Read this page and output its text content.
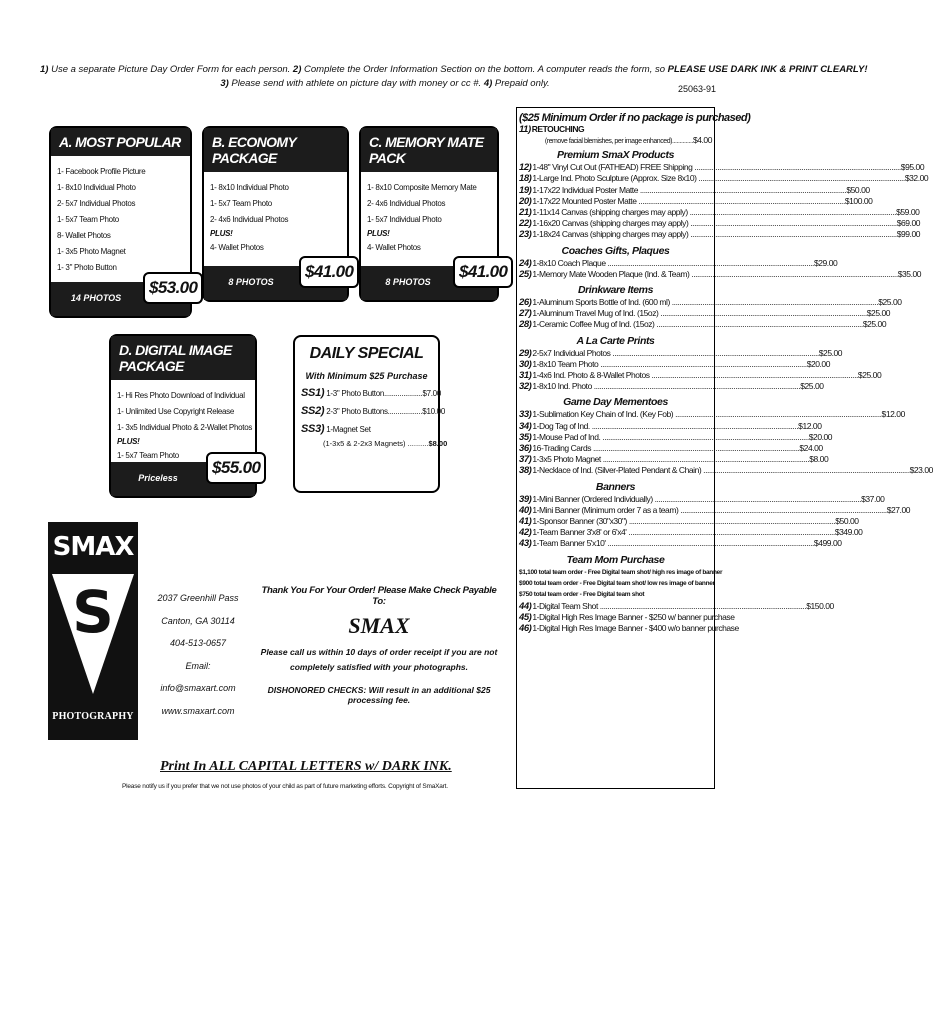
1) Use a separate Picture Day Order Form for each person. 2) Complete the Order Information Section on the bottom. A computer reads the form, so PLEASE USE DARK INK & PRINT CLEARLY!
3) Please send with athlete on picture day with money or cc #. 4) Prepaid only.	25063-91
A. MOST POPULAR
1- Facebook Profile Picture
1- 8x10 Individual Photo
2- 5x7 Individual Photos
1- 5x7 Team Photo
8- Wallet Photos
1- 3x5 Photo Magnet
1- 3" Photo Button
14 PHOTOS
$53.00
B. ECONOMY PACKAGE
1- 8x10 Individual Photo
1- 5x7 Team Photo
2- 4x6 Individual Photos
PLUS!
4- Wallet Photos
8 PHOTOS
$41.00
C. MEMORY MATE PACK
1- 8x10 Composite Memory Mate
2- 4x6 Individual Photos
1- 5x7 Individual Photo
PLUS!
4- Wallet Photos
8 PHOTOS
$41.00
D. DIGITAL IMAGE PACKAGE
1- Hi Res Photo Download of Individual
1- Unlimited Use Copyright Release
1- 3x5 Individual Photo & 2-Wallet Photos
PLUS!
1- 5x7 Team Photo
Priceless
$55.00
DAILY SPECIAL
With Minimum $25 Purchase
SS1) 1-3" Photo Button....................$7.00
SS2) 2-3" Photo Buttons..................$10.00
SS3) 1-Magnet Set
(1-3x5 & 2-2x3 Magnets) ..........$8.00
SMAX
S
PHOTOGRAPHY
2037 Greenhill Pass
Canton, GA 30114
404-513-0657
Email: info@smaxart.com
www.smaxart.com
Thank You For Your Order! Please Make Check Payable To:
SMAX
Please call us within 10 days of order receipt if you are not completely satisfied with your photographs.
DISHONORED CHECKS: Will result in an additional $25 processing fee.
Print In ALL CAPITAL LETTERS w/ DARK INK.
Please notify us if you prefer that we not use photos of your child as part of future marketing efforts. Copyright of SmaXart.
($25 Minimum Order if no package is purchased)
11) RETOUCHING
(remove facial blemishes, per image enhanced)..............$4.00
Premium SmaX Products
12) 1-48" Vinyl Cut Out (FATHEAD) FREE Shipping .....	$95.00
18) 1-Large Ind. Photo Sculpture (Approx. Size 8x10) .....	$32.00
19) 1-17x22 Individual Poster Matte .....	$50.00
20) 1-17x22 Mounted Poster Matte .....	$100.00
21) 1-11x14 Canvas (shipping charges may apply) .....	$59.00
22) 1-16x20 Canvas (shipping charges may apply) .....	$69.00
23) 1-18x24 Canvas (shipping charges may apply) .....	$99.00
Coaches Gifts, Plaques
24) 1-8x10 Coach Plaque .....	$29.00
25) 1-Memory Mate Wooden Plaque (Ind. & Team) .....	$35.00
Drinkware Items
26) 1-Aluminum Sports Bottle of Ind. (600 ml) .....	$25.00
27) 1-Aluminum Travel Mug of Ind. (15oz) .....	$25.00
28) 1-Ceramic Coffee Mug of Ind. (15oz) .....	$25.00
A La Carte Prints
29) 2-5x7 Individual Photos .....	$25.00
30) 1-8x10 Team Photo .....	$20.00
31) 1-4x6 Ind. Photo & 8-Wallet Photos .....	$25.00
32) 1-8x10 Ind. Photo .....	$25.00
Game Day Mementoes
33) 1-Sublimation Key Chain of Ind. (Key Fob) .....	$12.00
34) 1-Dog Tag of Ind. .....	$12.00
35) 1-Mouse Pad of Ind. .....	$20.00
36) 16-Trading Cards .....	$24.00
37) 1-3x5 Photo Magnet .....	$8.00
38) 1-Necklace of Ind. (Silver-Plated Pendant & Chain) .....	$23.00
Banners
39) 1-Mini Banner (Ordered Individually) .....	$37.00
40) 1-Mini Banner (Minimum order 7 as a team) .....	$27.00
41) 1-Sponsor Banner (30"x30") .....	$50.00
42) 1-Team Banner 3'x8' or 6'x4' .....	$349.00
43) 1-Team Banner 5'x10' .....	$499.00
Team Mom Purchase
$1,100 total team order - Free Digital team shot/ high res image of banner
$900 total team order - Free Digital team shot/ low res image of banner
$750 total team order - Free Digital team shot
44) 1-Digital Team Shot .....	$150.00
45) 1-Digital High Res Image Banner - $250 w/ banner purchase
46) 1-Digital High Res Image Banner - $400 w/o banner purchase
